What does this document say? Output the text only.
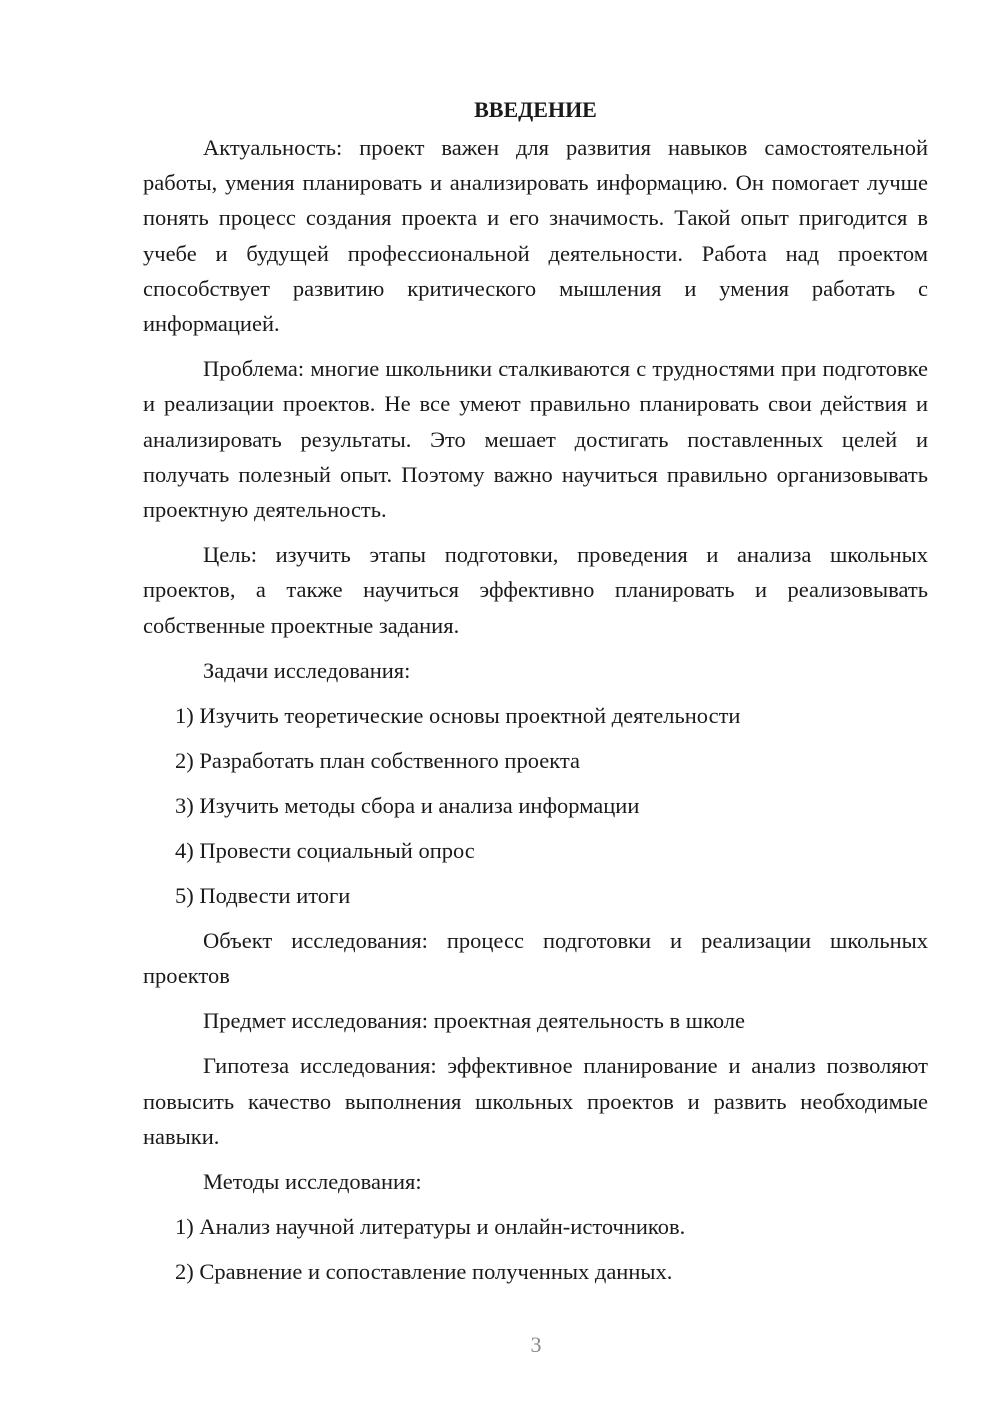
ВВЕДЕНИЕ

Актуальность: проект важен для развития навыков самостоятельной работы, умения планировать и анализировать информацию. Он помогает лучше понять процесс создания проекта и его значимость. Такой опыт пригодится в учебе и будущей профессиональной деятельности. Работа над проектом способствует развитию критического мышления и умения работать с информацией.

Проблема: многие школьники сталкиваются с трудностями при подготовке и реализации проектов. Не все умеют правильно планировать свои действия и анализировать результаты. Это мешает достигать поставленных целей и получать полезный опыт. Поэтому важно научиться правильно организовывать проектную деятельность.

Цель: изучить этапы подготовки, проведения и анализа школьных проектов, а также научиться эффективно планировать и реализовывать собственные проектные задания.

Задачи исследования:
1) Изучить теоретические основы проектной деятельности
2) Разработать план собственного проекта
3) Изучить методы сбора и анализа информации
4) Провести социальный опрос
5) Подвести итоги

Объект исследования: процесс подготовки и реализации школьных проектов

Предмет исследования: проектная деятельность в школе

Гипотеза исследования: эффективное планирование и анализ позволяют повысить качество выполнения школьных проектов и развить необходимые навыки.

Методы исследования:
1) Анализ научной литературы и онлайн-источников.
2) Сравнение и сопоставление полученных данных.
3
